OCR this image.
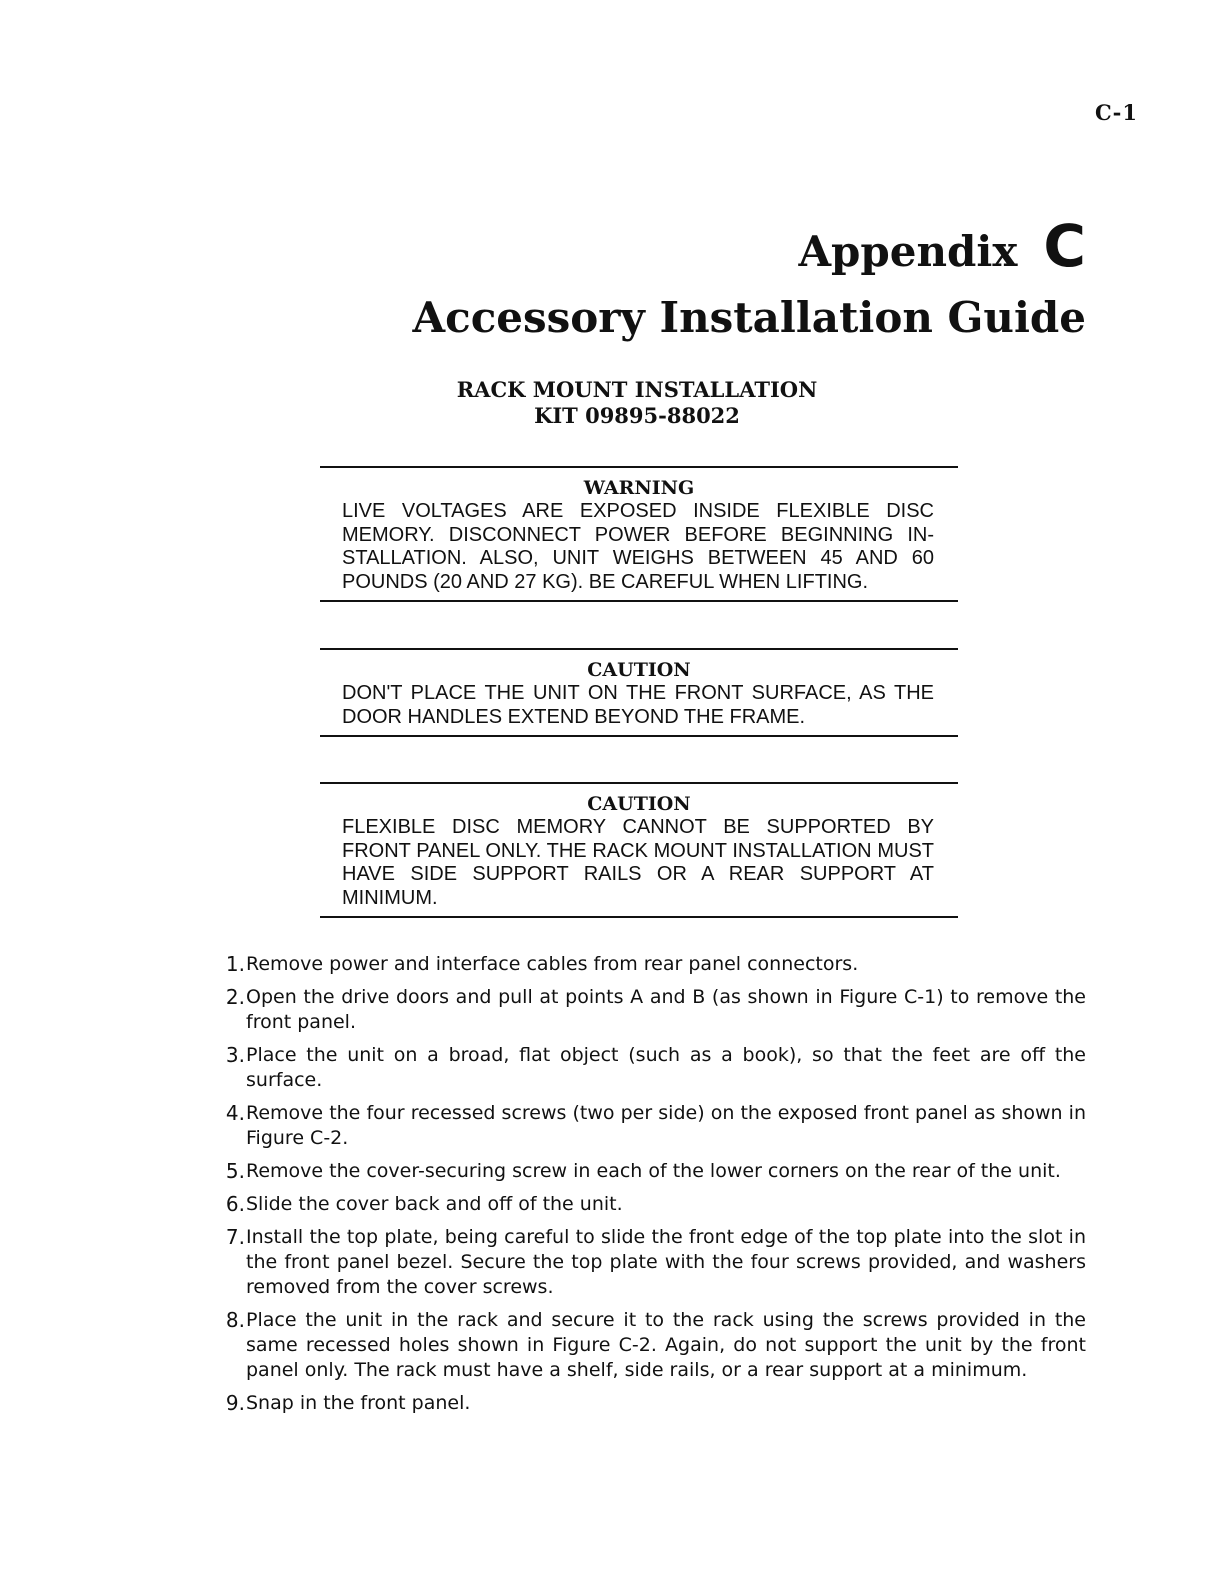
C-1
Appendix C
Accessory Installation Guide
RACK MOUNT INSTALLATION
KIT 09895-88022
WARNING
LIVE VOLTAGES ARE EXPOSED INSIDE FLEXIBLE DISC MEMORY. DISCONNECT POWER BEFORE BEGINNING IN-STALLATION. ALSO, UNIT WEIGHS BETWEEN 45 AND 60 POUNDS (20 AND 27 KG). BE CAREFUL WHEN LIFTING.
CAUTION
DON'T PLACE THE UNIT ON THE FRONT SURFACE, AS THE DOOR HANDLES EXTEND BEYOND THE FRAME.
CAUTION
FLEXIBLE DISC MEMORY CANNOT BE SUPPORTED BY FRONT PANEL ONLY. THE RACK MOUNT INSTALLATION MUST HAVE SIDE SUPPORT RAILS OR A REAR SUPPORT AT MINIMUM.
1. Remove power and interface cables from rear panel connectors.
2. Open the drive doors and pull at points A and B (as shown in Figure C-1) to remove the front panel.
3. Place the unit on a broad, flat object (such as a book), so that the feet are off the surface.
4. Remove the four recessed screws (two per side) on the exposed front panel as shown in Figure C-2.
5. Remove the cover-securing screw in each of the lower corners on the rear of the unit.
6. Slide the cover back and off of the unit.
7. Install the top plate, being careful to slide the front edge of the top plate into the slot in the front panel bezel. Secure the top plate with the four screws provided, and washers removed from the cover screws.
8. Place the unit in the rack and secure it to the rack using the screws provided in the same recessed holes shown in Figure C-2. Again, do not support the unit by the front panel only. The rack must have a shelf, side rails, or a rear support at a minimum.
9. Snap in the front panel.
